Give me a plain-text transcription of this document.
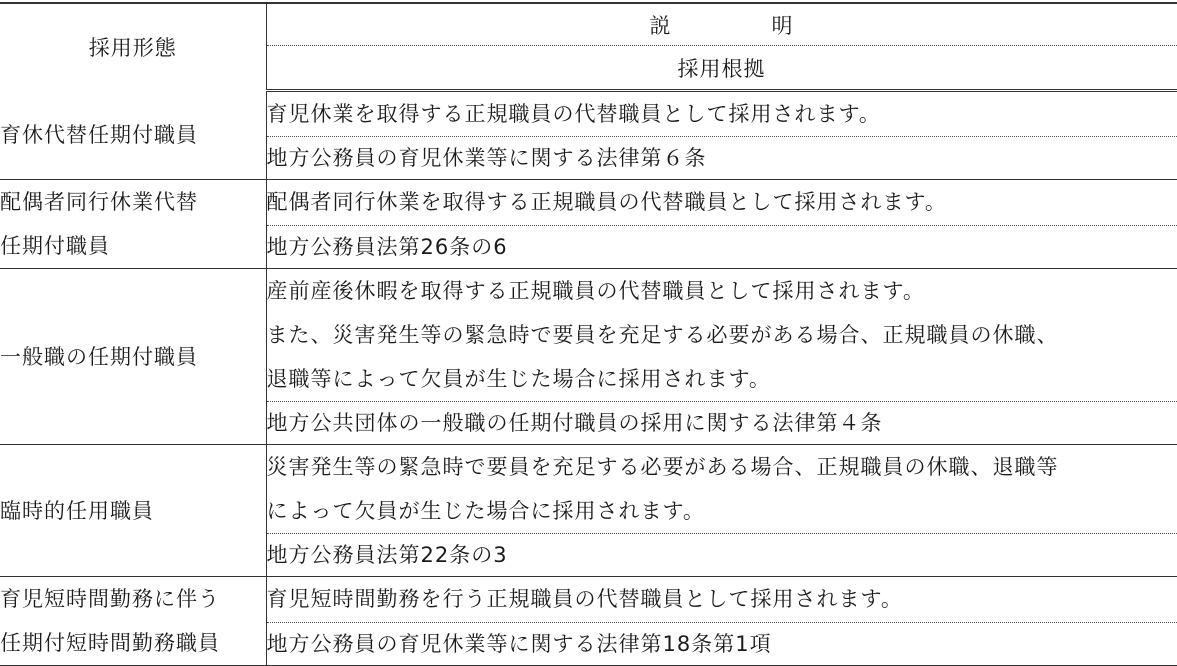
採用形態	説 明
	採用根拠

育休代替任期付職員	育児休業を取得する正規職員の代替職員として採用されます。

	地方公務員の育児休業等に関する法律第６条

配偶者同行休業代替
任期付職員	配偶者同行休業を取得する正規職員の代替職員として採用されます。

	地方公務員法第26条の6

一般職の任期付職員	産前産後休暇を取得する正規職員の代替職員として採用されます。
また、災害発生等の緊急時で要員を充足する必要がある場合、正規職員の休職、
退職等によって欠員が生じた場合に採用されます。

	地方公共団体の一般職の任期付職員の採用に関する法律第４条

臨時的任用職員	災害発生等の緊急時で要員を充足する必要がある場合、正規職員の休職、退職等
によって欠員が生じた場合に採用されます。

	地方公務員法第22条の3

育児短時間勤務に伴う
任期付短時間勤務職員	育児短時間勤務を行う正規職員の代替職員として採用されます。

	地方公務員の育児休業等に関する法律第18条第1項
